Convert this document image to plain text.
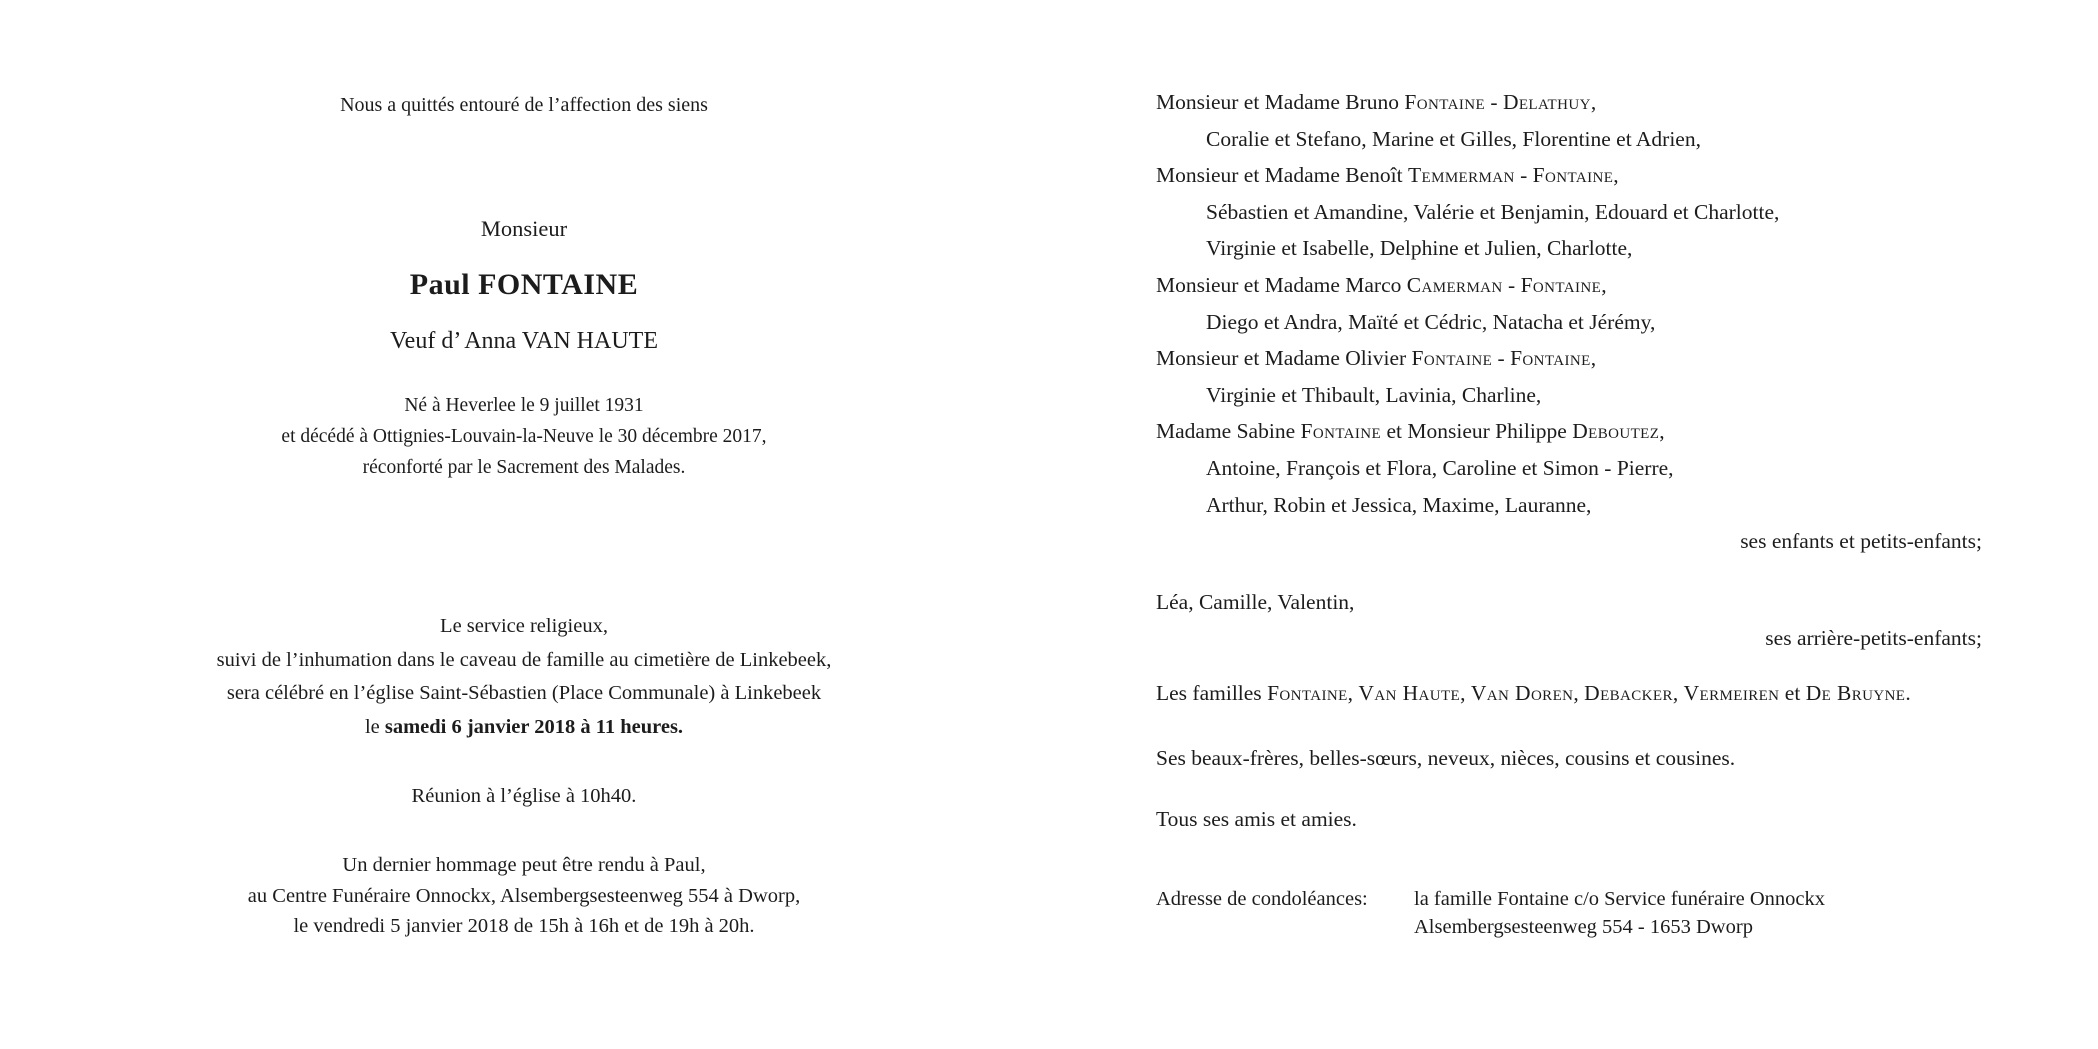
Nous a quittés entouré de l’affection des siens
Monsieur
Paul FONTAINE
Veuf d’ Anna VAN HAUTE
Né à Heverlee le 9 juillet 1931
et décédé à Ottignies-Louvain-la-Neuve le 30 décembre 2017,
réconforté par le Sacrement des Malades.
Le service religieux,
suivi de l’inhumation dans le caveau de famille au cimetière de Linkebeek,
sera célébré en l’église Saint-Sébastien (Place Communale) à Linkebeek
le samedi 6 janvier 2018 à 11 heures.
Réunion à l’église à 10h40.
Un dernier hommage peut être rendu à Paul,
au Centre Funéraire Onnockx, Alsembergsesteenweg 554 à Dworp,
le vendredi 5 janvier 2018 de 15h à 16h et de 19h à 20h.
Monsieur et Madame Bruno Fontaine - Delathuy,
Coralie et Stefano, Marine et Gilles, Florentine et Adrien,
Monsieur et Madame Benoît Temmerman - Fontaine,
Sébastien et Amandine, Valérie et Benjamin, Edouard et Charlotte,
Virginie et Isabelle, Delphine et Julien, Charlotte,
Monsieur et Madame Marco Camerman - Fontaine,
Diego et Andra, Maïté et Cédric, Natacha et Jérémy,
Monsieur et Madame Olivier Fontaine - Fontaine,
Virginie et Thibault, Lavinia, Charline,
Madame Sabine Fontaine et Monsieur Philippe Deboutez,
Antoine, François et Flora, Caroline et Simon - Pierre,
Arthur, Robin et Jessica, Maxime, Lauranne,
ses enfants et petits-enfants;
Léa, Camille, Valentin,
ses arrière-petits-enfants;
Les familles Fontaine, Van Haute, Van Doren, Debacker, Vermeiren et De Bruyne.
Ses beaux-frères, belles-sœurs, neveux, nièces, cousins et cousines.
Tous ses amis et amies.
Adresse de condoléances:	la famille Fontaine c/o Service funéraire Onnockx
Alsembergsesteenweg 554 - 1653 Dworp
